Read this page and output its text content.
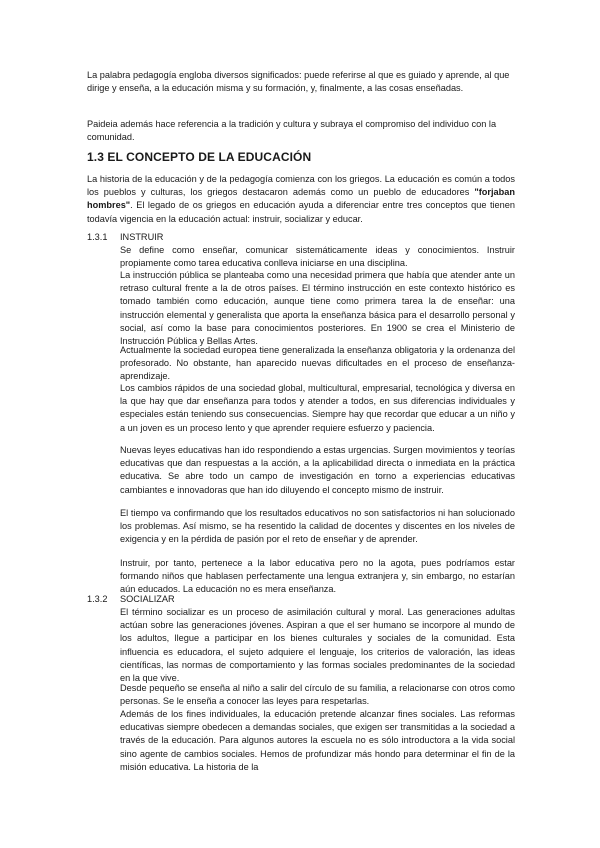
La palabra pedagogía engloba diversos significados: puede referirse al que es guiado y aprende, al que dirige y enseña, a la educación misma y su formación, y, finalmente, a las cosas enseñadas.

Paideia además hace referencia a la tradición y cultura y subraya el compromiso del individuo con la comunidad.

1.3 EL CONCEPTO DE LA EDUCACIÓN

La historia de la educación y de la pedagogía comienza con los griegos. La educación es común a todos los pueblos y culturas, los griegos destacaron además como un pueblo de educadores "forjaban hombres". El legado de os griegos en educación ayuda a diferenciar entre tres conceptos que tienen todavía vigencia en la educación actual: instruir, socializar y educar.

1.3.1 INSTRUIR

Se define como enseñar, comunicar sistemáticamente ideas y conocimientos. Instruir propiamente como tarea educativa conlleva iniciarse en una disciplina.

La instrucción pública se planteaba como una necesidad primera que había que atender ante un retraso cultural frente a la de otros países. El término instrucción en este contexto histórico es tomado también como educación, aunque tiene como primera tarea la de enseñar: una instrucción elemental y generalista que aporta la enseñanza básica para el desarrollo personal y social, así como la base para conocimientos posteriores. En 1900 se crea el Ministerio de Instrucción Pública y Bellas Artes.

Actualmente la sociedad europea tiene generalizada la enseñanza obligatoria y la ordenanza del profesorado. No obstante, han aparecido nuevas dificultades en el proceso de enseñanza-aprendizaje.

Los cambios rápidos de una sociedad global, multicultural, empresarial, tecnológica y diversa en la que hay que dar enseñanza para todos y atender a todos, en sus diferencias individuales y especiales están teniendo sus consecuencias. Siempre hay que recordar que educar a un niño y a un joven es un proceso lento y que aprender requiere esfuerzo y paciencia.

Nuevas leyes educativas han ido respondiendo a estas urgencias. Surgen movimientos y teorías educativas que dan respuestas a la acción, a la aplicabilidad directa o inmediata en la práctica educativa. Se abre todo un campo de investigación en torno a experiencias educativas cambiantes e innovadoras que han ido diluyendo el concepto mismo de instruir.

El tiempo va confirmando que los resultados educativos no son satisfactorios ni han solucionado los problemas. Así mismo, se ha resentido la calidad de docentes y discentes en los niveles de exigencia y en la pérdida de pasión por el reto de enseñar y de aprender.

Instruir, por tanto, pertenece a la labor educativa pero no la agota, pues podríamos estar formando niños que hablasen perfectamente una lengua extranjera y, sin embargo, no estarían aún educados. La educación no es mera enseñanza.

1.3.2 SOCIALIZAR

El término socializar es un proceso de asimilación cultural y moral. Las generaciones adultas actúan sobre las generaciones jóvenes. Aspiran a que el ser humano se incorpore al mundo de los adultos, llegue a participar en los bienes culturales y sociales de la comunidad. Esta influencia es educadora, el sujeto adquiere el lenguaje, los criterios de valoración, las ideas científicas, las normas de comportamiento y las formas sociales predominantes de la sociedad en la que vive.

Desde pequeño se enseña al niño a salir del círculo de su familia, a relacionarse con otros como personas. Se le enseña a conocer las leyes para respetarlas.

Además de los fines individuales, la educación pretende alcanzar fines sociales. Las reformas educativas siempre obedecen a demandas sociales, que exigen ser transmitidas a la sociedad a través de la educación. Para algunos autores la escuela no es sólo introductora a la vida social sino agente de cambios sociales. Hemos de profundizar más hondo para determinar el fin de la misión educativa. La historia de la
